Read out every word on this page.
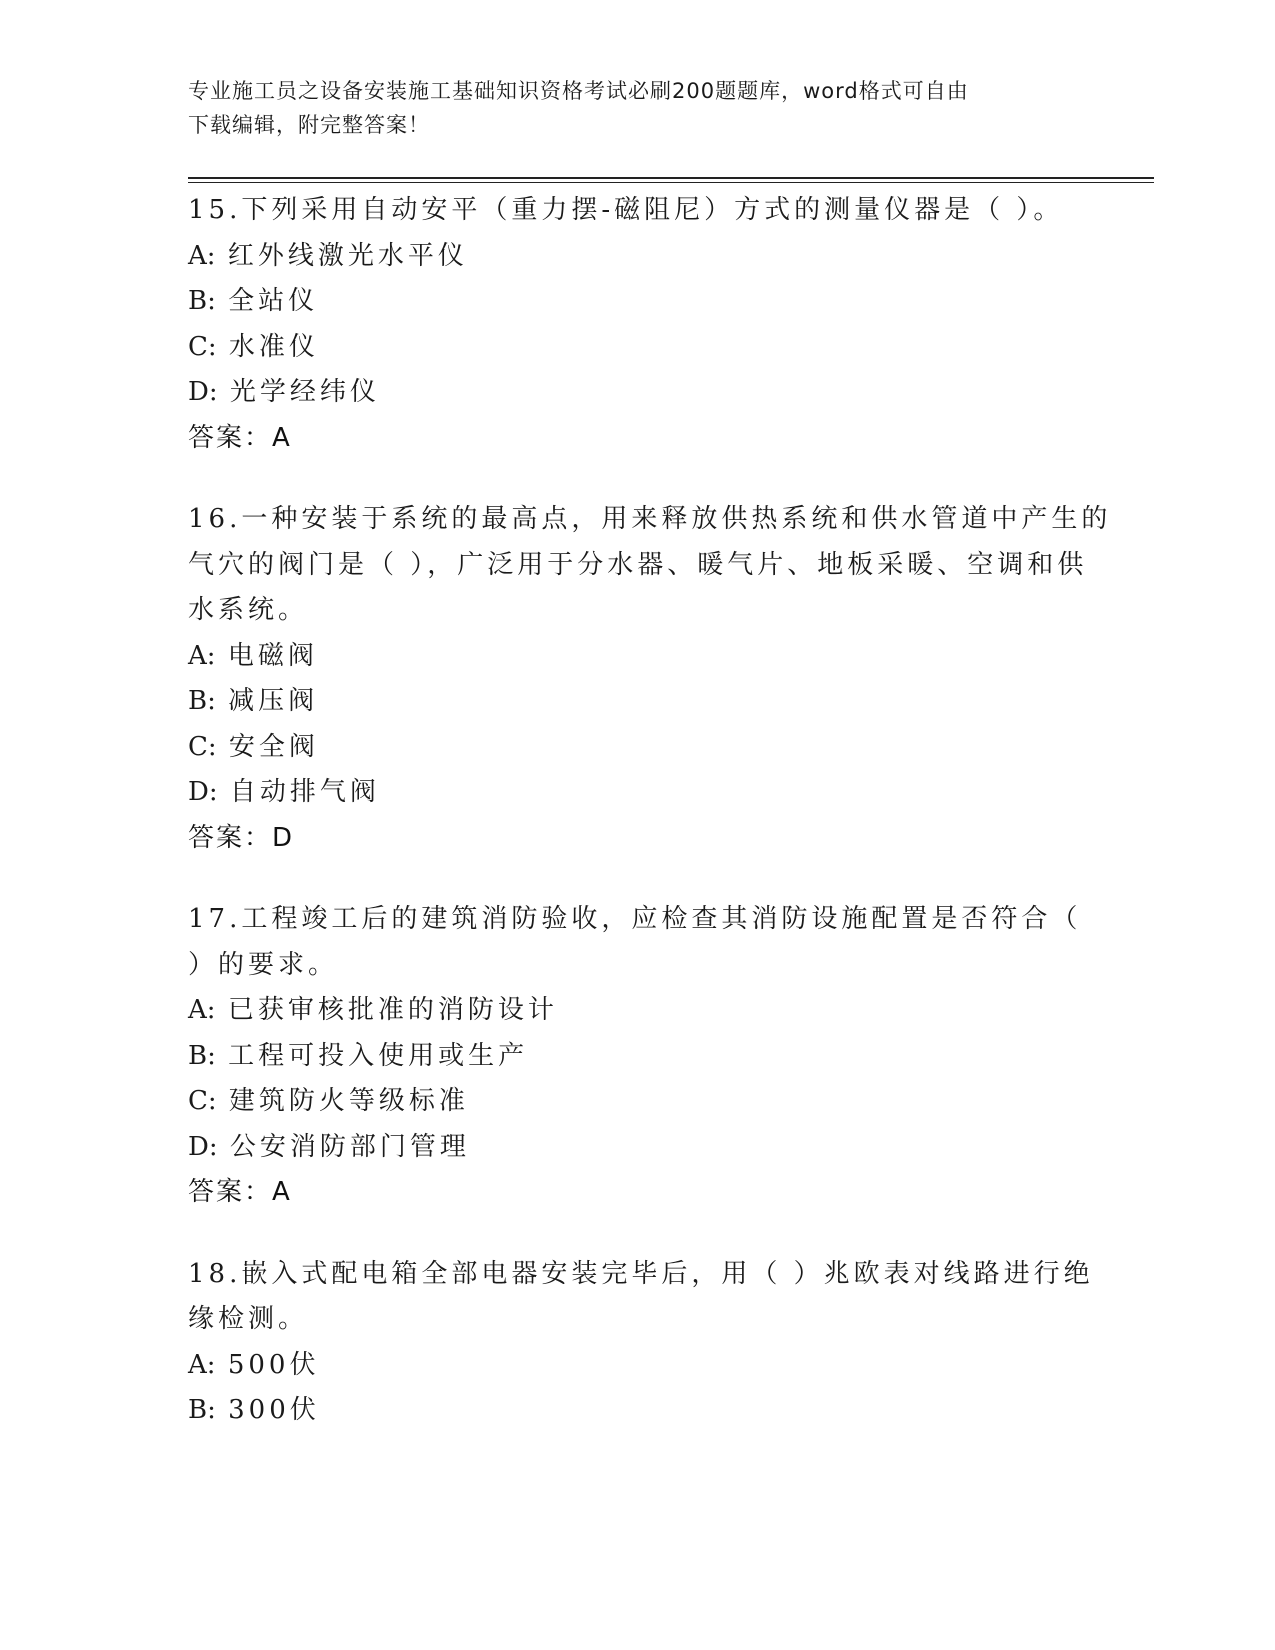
专业施工员之设备安装施工基础知识资格考试必刷200题题库，word格式可自由
下载编辑，附完整答案！
15.下列采用自动安平（重力摆-磁阻尼）方式的测量仪器是（ ）。
A: 红外线激光水平仪
B: 全站仪
C: 水准仪
D: 光学经纬仪
答案：A
16.一种安装于系统的最高点，用来释放供热系统和供水管道中产生的
气穴的阀门是（ ），广泛用于分水器、暖气片、地板采暖、空调和供
水系统。
A: 电磁阀
B: 减压阀
C: 安全阀
D: 自动排气阀
答案：D
17.工程竣工后的建筑消防验收，应检查其消防设施配置是否符合（
）的要求。
A: 已获审核批准的消防设计
B: 工程可投入使用或生产
C: 建筑防火等级标准
D: 公安消防部门管理
答案：A
18.嵌入式配电箱全部电器安装完毕后，用（ ）兆欧表对线路进行绝
缘检测。
A: 500伏
B: 300伏
